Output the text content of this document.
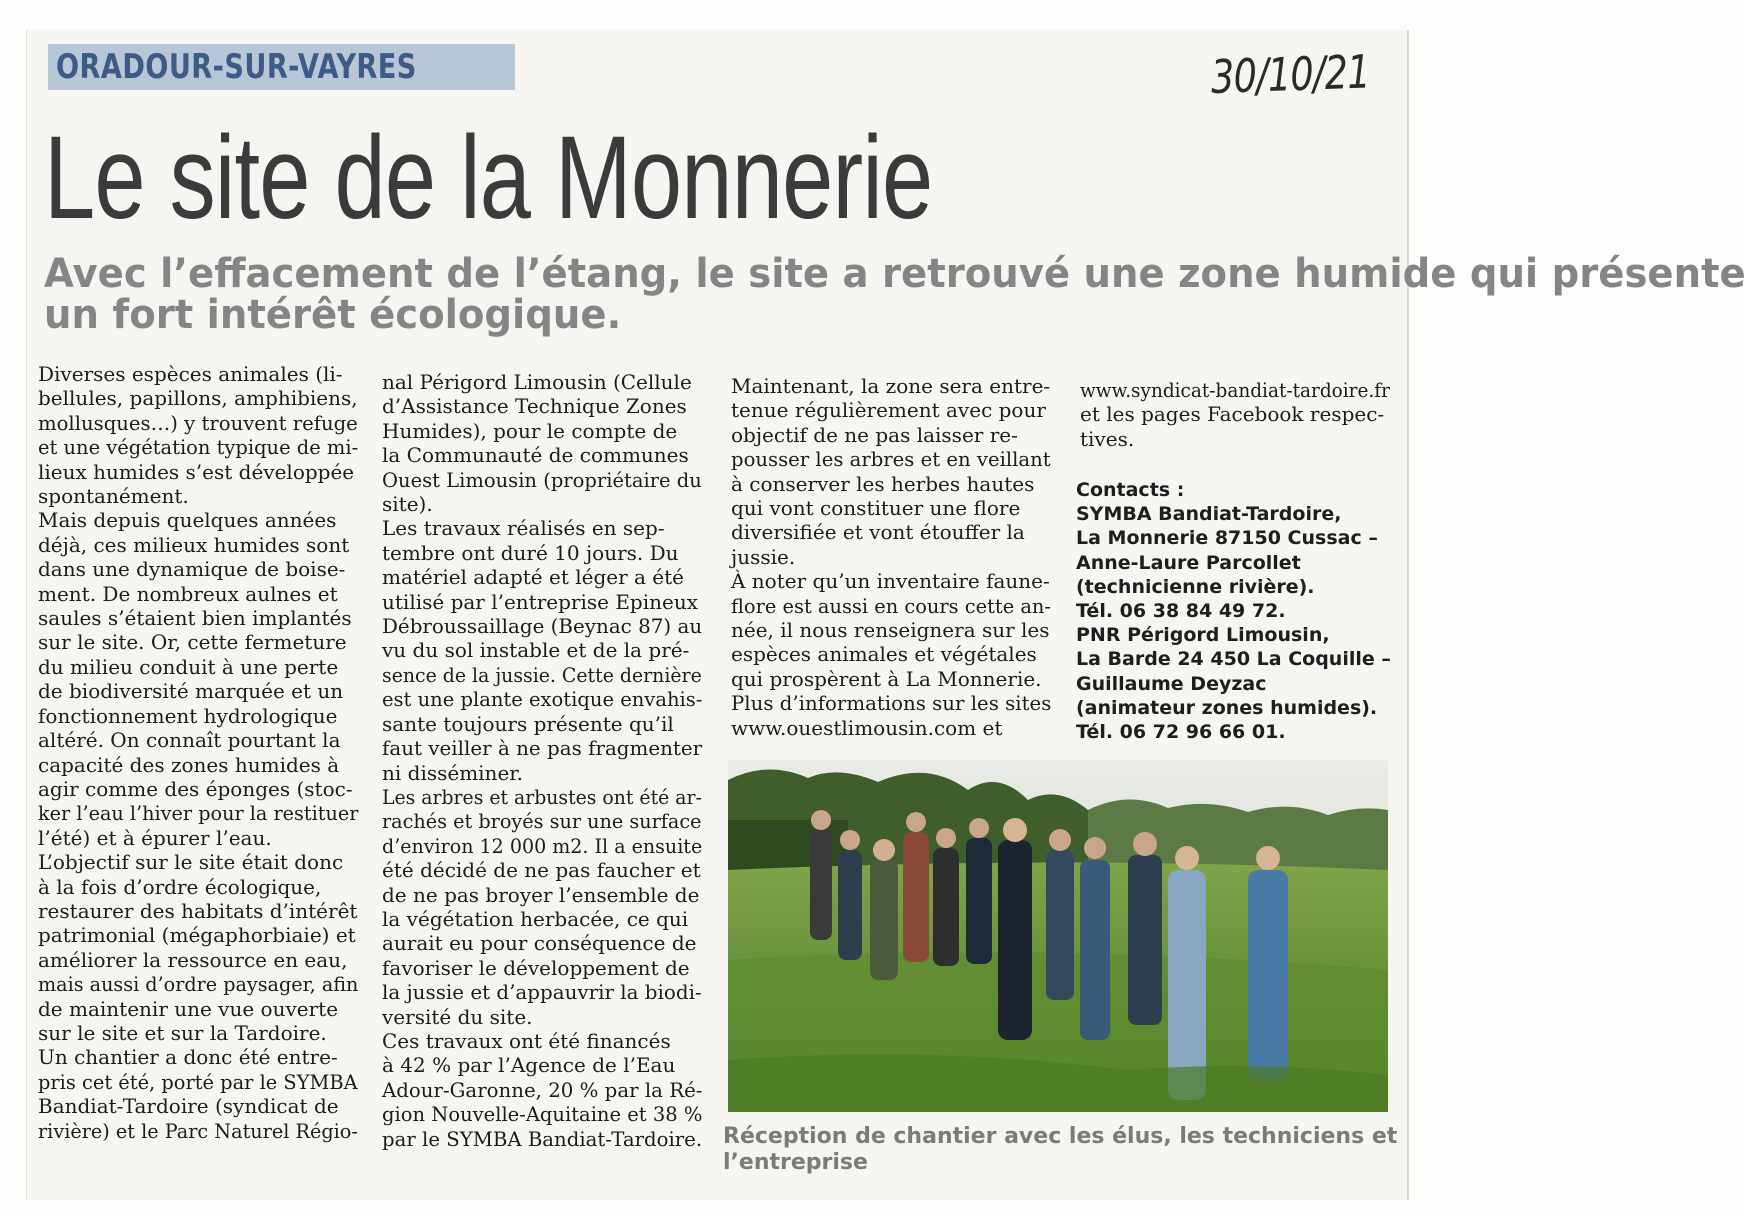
ORADOUR-SUR-VAYRES	30/10/21
Le site de la Monnerie
Avec l’effacement de l’étang, le site a retrouvé une zone humide qui présente
un fort intérêt écologique.
Diverses espèces animales (li-
bellules, papillons, amphibiens,
mollusques…) y trouvent refuge
et une végétation typique de mi-
lieux humides s’est développée
spontanément.
Mais depuis quelques années
déjà, ces milieux humides sont
dans une dynamique de boise-
ment. De nombreux aulnes et
saules s’étaient bien implantés
sur le site. Or, cette fermeture
du milieu conduit à une perte
de biodiversité marquée et un
fonctionnement hydrologique
altéré. On connaît pourtant la
capacité des zones humides à
agir comme des éponges (stoc-
ker l’eau l’hiver pour la restituer
l’été) et à épurer l’eau.
L’objectif sur le site était donc
à la fois d’ordre écologique,
restaurer des habitats d’intérêt
patrimonial (mégaphorbiaie) et
améliorer la ressource en eau,
mais aussi d’ordre paysager, afin
de maintenir une vue ouverte
sur le site et sur la Tardoire.
Un chantier a donc été entre-
pris cet été, porté par le SYMBA
Bandiat-Tardoire (syndicat de
rivière) et le Parc Naturel Régio-
nal Périgord Limousin (Cellule
d’Assistance Technique Zones
Humides), pour le compte de
la Communauté de communes
Ouest Limousin (propriétaire du
site).
Les travaux réalisés en sep-
tembre ont duré 10 jours. Du
matériel adapté et léger a été
utilisé par l’entreprise Epineux
Débroussaillage (Beynac 87) au
vu du sol instable et de la pré-
sence de la jussie. Cette dernière
est une plante exotique envahis-
sante toujours présente qu’il
faut veiller à ne pas fragmenter
ni disséminer.
Les arbres et arbustes ont été ar-
rachés et broyés sur une surface
d’environ 12 000 m2. Il a ensuite
été décidé de ne pas faucher et
de ne pas broyer l’ensemble de
la végétation herbacée, ce qui
aurait eu pour conséquence de
favoriser le développement de
la jussie et d’appauvrir la biodi-
versité du site.
Ces travaux ont été financés
à 42 % par l’Agence de l’Eau
Adour-Garonne, 20 % par la Ré-
gion Nouvelle-Aquitaine et 38 %
par le SYMBA Bandiat-Tardoire.
Maintenant, la zone sera entre-
tenue régulièrement avec pour
objectif de ne pas laisser re-
pousser les arbres et en veillant
à conserver les herbes hautes
qui vont constituer une flore
diversifiée et vont étouffer la
jussie.
À noter qu’un inventaire faune-
flore est aussi en cours cette an-
née, il nous renseignera sur les
espèces animales et végétales
qui prospèrent à La Monnerie.
Plus d’informations sur les sites
www.ouestlimousin.com et
www.syndicat-bandiat-tardoire.fr
et les pages Facebook respec-
tives.
Contacts :
SYMBA Bandiat-Tardoire,
La Monnerie 87150 Cussac –
Anne-Laure Parcollet
(technicienne rivière).
Tél. 06 38 84 49 72.
PNR Périgord Limousin,
La Barde 24 450 La Coquille –
Guillaume Deyzac
(animateur zones humides).
Tél. 06 72 96 66 01.
Réception de chantier avec les élus, les techniciens et
l’entreprise
